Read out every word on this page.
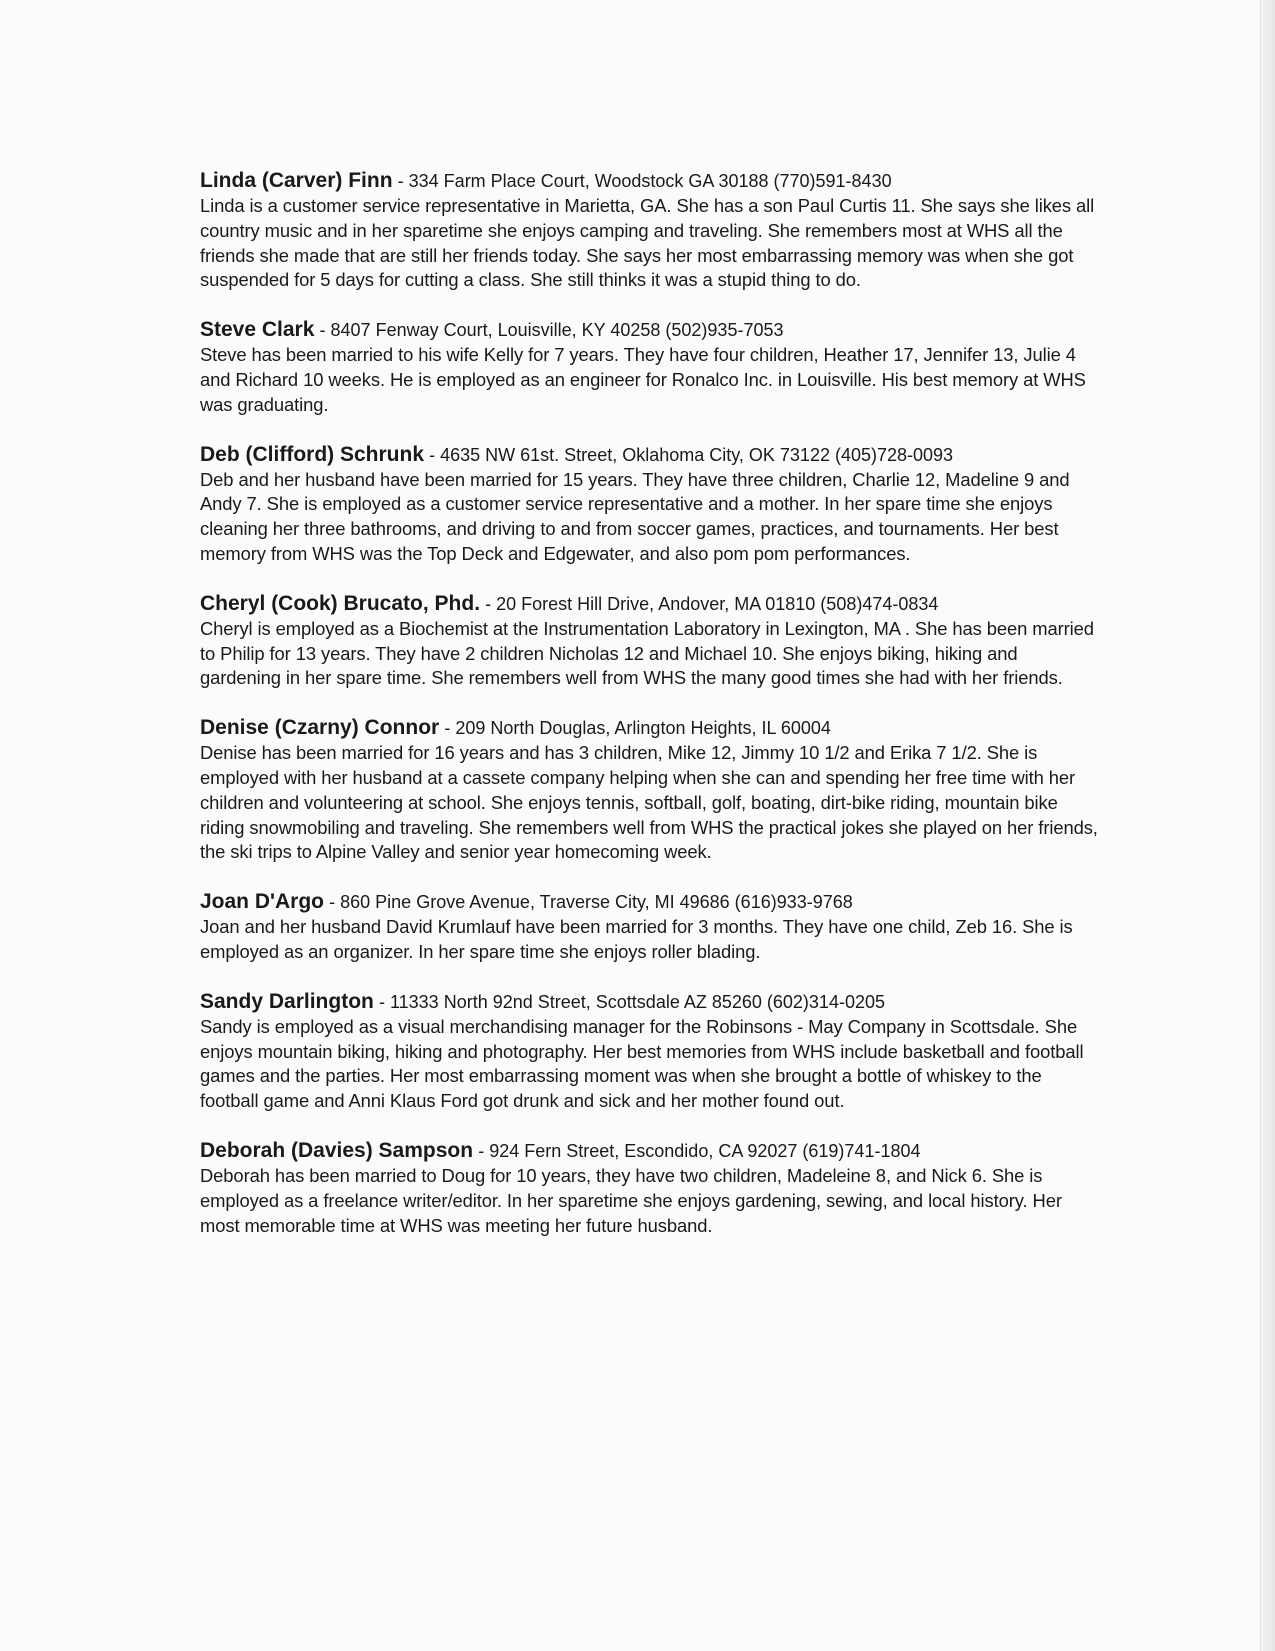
Linda (Carver) Finn - 334 Farm Place Court, Woodstock GA 30188 (770)591-8430

Linda is a customer service representative in Marietta, GA. She has a son Paul Curtis 11. She says she likes all country music and in her sparetime she enjoys camping and traveling. She remembers most at WHS all the friends she made that are still her friends today. She says her most embarrassing memory was when she got suspended for 5 days for cutting a class. She still thinks it was a stupid thing to do.

Steve Clark - 8407 Fenway Court, Louisville, KY 40258 (502)935-7053

Steve has been married to his wife Kelly for 7 years. They have four children, Heather 17, Jennifer 13, Julie 4 and Richard 10 weeks. He is employed as an engineer for Ronalco Inc. in Louisville. His best memory at WHS was graduating.

Deb (Clifford) Schrunk - 4635 NW 61st. Street, Oklahoma City, OK 73122 (405)728-0093

Deb and her husband have been married for 15 years. They have three children, Charlie 12, Madeline 9 and Andy 7. She is employed as a customer service representative and a mother. In her spare time she enjoys cleaning her three bathrooms, and driving to and from soccer games, practices, and tournaments. Her best memory from WHS was the Top Deck and Edgewater, and also pom pom performances.

Cheryl (Cook) Brucato, Phd. - 20 Forest Hill Drive, Andover, MA 01810 (508)474-0834

Cheryl is employed as a Biochemist at the Instrumentation Laboratory in Lexington, MA . She has been married to Philip for 13 years. They have 2 children Nicholas 12 and Michael 10. She enjoys biking, hiking and gardening in her spare time. She remembers well from WHS the many good times she had with her friends.

Denise (Czarny) Connor - 209 North Douglas, Arlington Heights, IL 60004

Denise has been married for 16 years and has 3 children, Mike 12, Jimmy 10 1/2 and Erika 7 1/2. She is employed with her husband at a cassete company helping when she can and spending her free time with her children and volunteering at school. She enjoys tennis, softball, golf, boating, dirt-bike riding, mountain bike riding snowmobiling and traveling. She remembers well from WHS the practical jokes she played on her friends, the ski trips to Alpine Valley and senior year homecoming week.

Joan D'Argo - 860 Pine Grove Avenue, Traverse City, MI 49686 (616)933-9768

Joan and her husband David Krumlauf have been married for 3 months. They have one child, Zeb 16. She is employed as an organizer. In her spare time she enjoys roller blading.

Sandy Darlington - 11333 North 92nd Street, Scottsdale AZ 85260 (602)314-0205

Sandy is employed as a visual merchandising manager for the Robinsons - May Company in Scottsdale. She enjoys mountain biking, hiking and photography. Her best memories from WHS include basketball and football games and the parties. Her most embarrassing moment was when she brought a bottle of whiskey to the football game and Anni Klaus Ford got drunk and sick and her mother found out.

Deborah (Davies) Sampson - 924 Fern Street, Escondido, CA 92027 (619)741-1804

Deborah has been married to Doug for 10 years, they have two children, Madeleine 8, and Nick 6. She is employed as a freelance writer/editor. In her sparetime she enjoys gardening, sewing, and local history. Her most memorable time at WHS was meeting her future husband.
